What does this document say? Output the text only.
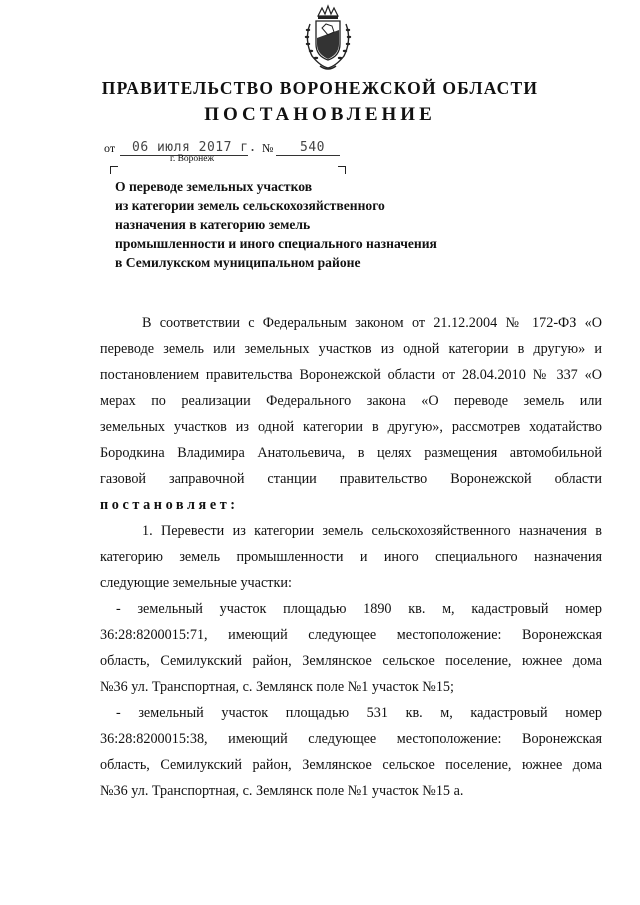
ПРАВИТЕЛЬСТВО ВОРОНЕЖСКОЙ ОБЛАСТИ
ПОСТАНОВЛЕНИЕ
от 06 июля 2017 г. № 540
г. Воронеж
О переводе земельных участков
из категории земель сельскохозяйственного
назначения в категорию земель
промышленности и иного специального назначения
в Семилукском муниципальном районе
В соответствии с Федеральным законом от 21.12.2004 № 172-ФЗ «О
переводе земель или земельных участков из одной категории в другую» и
постановлением правительства Воронежской области от 28.04.2010 № 337 «О
мерах по реализации Федерального закона «О переводе земель или
земельных участков из одной категории в другую», рассмотрев ходатайство
Бородкина Владимира Анатольевича, в целях размещения автомобильной
газовой заправочной станции правительство Воронежской области
постановляет:
1. Перевести из категории земель сельскохозяйственного назначения в
категорию земель промышленности и иного специального назначения
следующие земельные участки:
- земельный участок площадью 1890 кв. м, кадастровый номер
36:28:8200015:71, имеющий следующее местоположение: Воронежская
область, Семилукский район, Землянское сельское поселение, южнее дома
№36 ул. Транспортная, с. Землянск поле №1 участок №15;
- земельный участок площадью 531 кв. м, кадастровый номер
36:28:8200015:38, имеющий следующее местоположение: Воронежская
область, Семилукский район, Землянское сельское поселение, южнее дома
№36 ул. Транспортная, с. Землянск поле №1 участок №15 а.
